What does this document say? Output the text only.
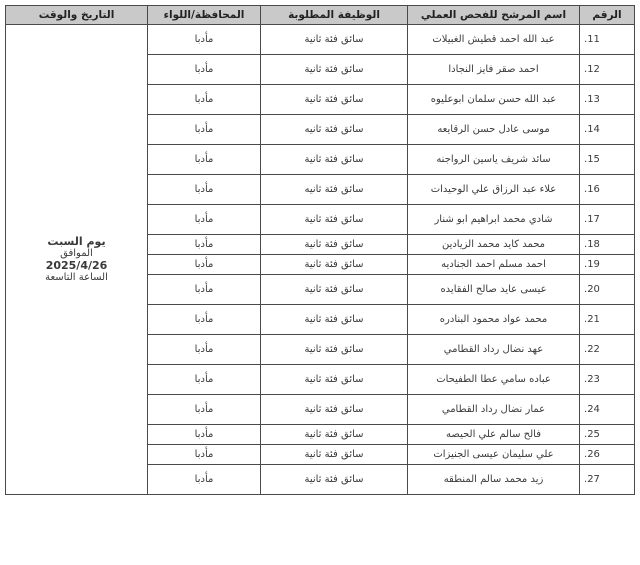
الرقم	اسم المرشح للفحص العملي	الوظيفة المطلوبة	المحافظة/اللواء	التاريخ والوقت
11.	عبد الله احمد قطيش الغبيلات	سائق فئة ثانية	مأدبا	يوم السبت
الموافق
2025/4/26
الساعة التاسعة

12.	احمد صقر فايز النجادا	سائق فئة ثانية	مأدبا	
13.	عبد الله حسن سلمان ابوعليوه	سائق فئة ثانية	مأدبا	
14.	موسى عادل حسن الرقايعه	سائق فئة ثانيه	مأدبا	
15.	سائد شريف ياسين الرواجنه	سائق فئة ثانية	مأدبا	
16.	علاء عبد الرزاق علي الوحيدات	سائق فئة ثانيه	مأدبا	
17.	شادي محمد ابراهيم ابو شنار	سائق فئة ثانية	مأدبا	
18.	محمد كايد محمد الزيادين	سائق فئة ثانية	مأدبا	
19.	احمد مسلم احمد الجناديه	سائق فئة ثانية	مأدبا	
20.	عيسى عايد صالح الفقايده	سائق فئة ثانية	مأدبا	
21.	محمد عواد محمود البنادره	سائق فئة ثانية	مأدبا	
22.	عهد نضال رداد القطامي	سائق فئة ثانية	مأدبا	
23.	عباده سامي عطا الطفيحات	سائق فئة ثانية	مأدبا	
24.	عمار نضال رداد القطامي	سائق فئة ثانية	مأدبا	
25.	فالح سالم علي الحيصه	سائق فئة ثانية	مأدبا	
26.	علي سليمان عيسى الجنيزات	سائق فئة ثانية	مأدبا	
27.	زيد محمد سالم المنطقه	سائق فئة ثانية	مأدبا	
